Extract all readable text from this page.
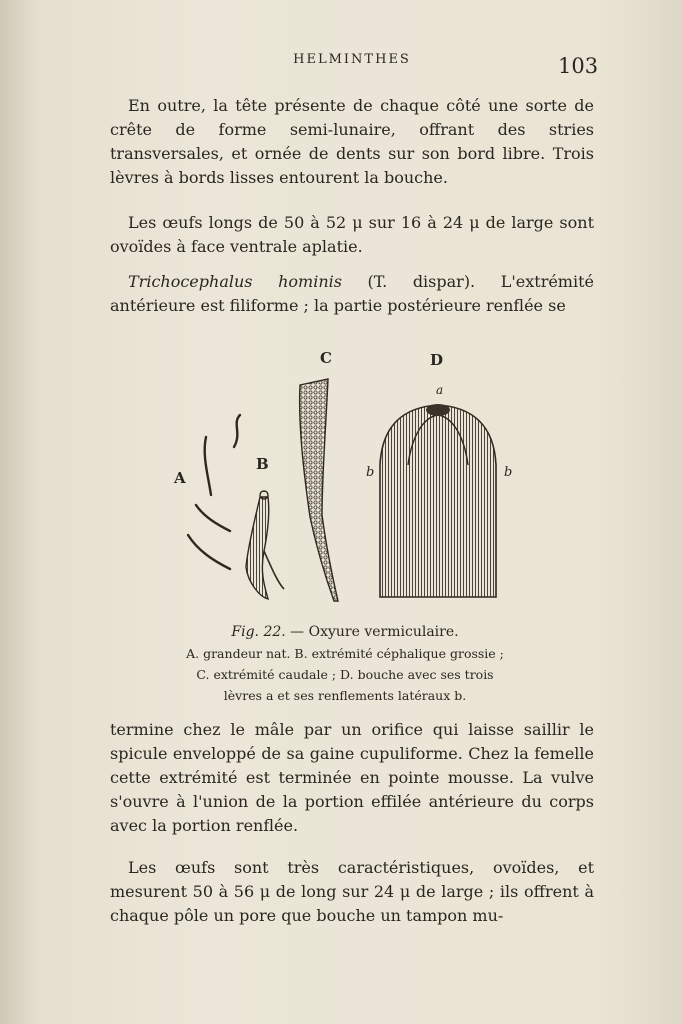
HELMINTHES	103

En outre, la tête présente de chaque côté une sorte de crête de forme semi-lunaire, offrant des stries transversales, et ornée de dents sur son bord libre. Trois lèvres à bords lisses entourent la bouche.

Les œufs longs de 50 à 52 μ sur 16 à 24 μ de large sont ovoïdes à face ventrale aplatie.

Trichocephalus hominis (T. dispar). L'extrémité antérieure est filiforme ; la partie postérieure renflée se

A
B
C	D
a
b	b
Fig. 22. — Oxyure vermiculaire.
A. grandeur nat. B. extrémité céphalique grossie ;
C. extrémité caudale ; D. bouche avec ses trois
lèvres a et ses renflements latéraux b.

termine chez le mâle par un orifice qui laisse saillir le spicule enveloppé de sa gaine cupuliforme. Chez la femelle cette extrémité est terminée en pointe mousse. La vulve s'ouvre à l'union de la portion effilée antérieure du corps avec la portion renflée.

Les œufs sont très caractéristiques, ovoïdes, et mesurent 50 à 56 μ de long sur 24 μ de large ; ils offrent à chaque pôle un pore que bouche un tampon mu-
